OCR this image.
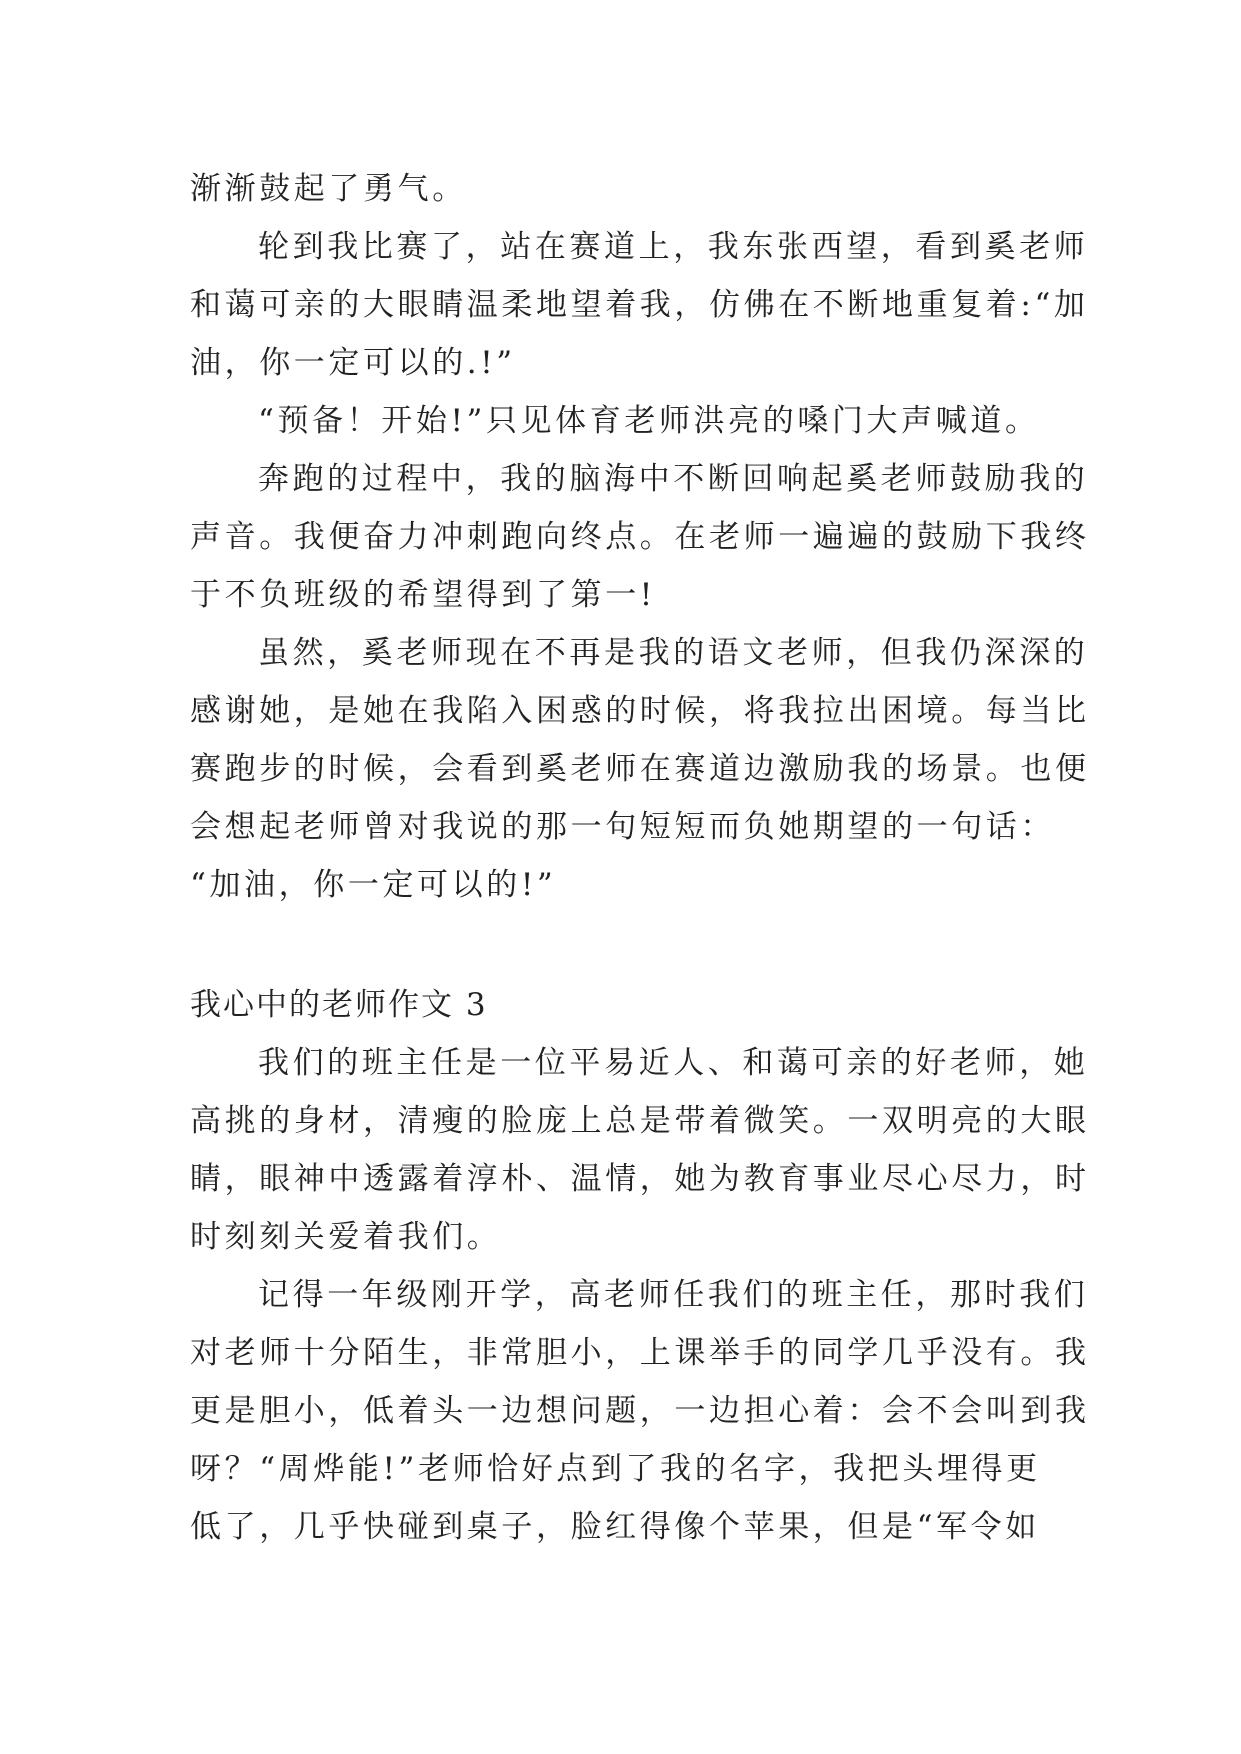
渐渐鼓起了勇气。
轮到我比赛了，站在赛道上，我东张西望，看到奚老师
和蔼可亲的大眼睛温柔地望着我，仿佛在不断地重复着:“加
油，你一定可以的.!”
“预备！开始!”只见体育老师洪亮的嗓门大声喊道。
奔跑的过程中，我的脑海中不断回响起奚老师鼓励我的
声音。我便奋力冲刺跑向终点。在老师一遍遍的鼓励下我终
于不负班级的希望得到了第一!
虽然，奚老师现在不再是我的语文老师，但我仍深深的
感谢她，是她在我陷入困惑的时候，将我拉出困境。每当比
赛跑步的时候，会看到奚老师在赛道边激励我的场景。也便
会想起老师曾对我说的那一句短短而负她期望的一句话：
“加油，你一定可以的!”
我心中的老师作文 3
我们的班主任是一位平易近人、和蔼可亲的好老师，她
高挑的身材，清瘦的脸庞上总是带着微笑。一双明亮的大眼
睛，眼神中透露着淳朴、温情，她为教育事业尽心尽力，时
时刻刻关爱着我们。
记得一年级刚开学，高老师任我们的班主任，那时我们
对老师十分陌生，非常胆小，上课举手的同学几乎没有。我
更是胆小，低着头一边想问题，一边担心着：会不会叫到我
呀？“周烨能!”老师恰好点到了我的名字，我把头埋得更
低了，几乎快碰到桌子，脸红得像个苹果，但是“军令如
